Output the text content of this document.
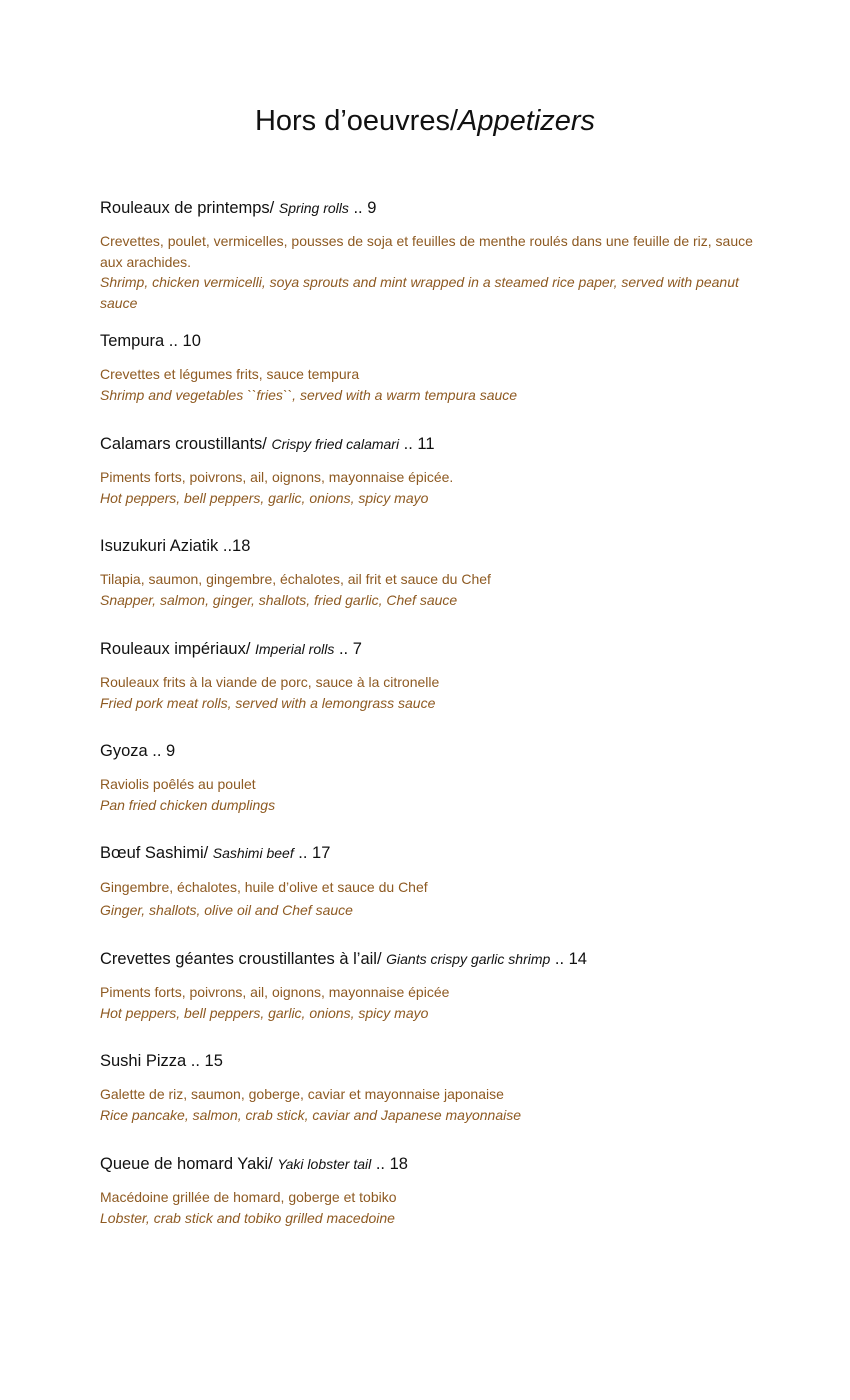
Hors d’oeuvres/Appetizers
Rouleaux de printemps/ Spring rolls .. 9
Crevettes, poulet, vermicelles, pousses de soja et feuilles de menthe roulés dans une feuille de riz, sauce aux arachides.
Shrimp, chicken vermicelli, soya sprouts and mint wrapped in a steamed rice paper, served with peanut sauce
Tempura .. 10
Crevettes et légumes frits, sauce tempura
Shrimp and vegetables ``fries``, served with a warm tempura sauce
Calamars croustillants/ Crispy fried calamari .. 11
Piments forts, poivrons, ail, oignons, mayonnaise épicée.
Hot peppers, bell peppers, garlic, onions, spicy mayo
Isuzukuri Aziatik ..18
Tilapia, saumon, gingembre, échalotes, ail frit et sauce du Chef
Snapper, salmon, ginger, shallots, fried garlic, Chef sauce
Rouleaux impériaux/ Imperial rolls .. 7
Rouleaux frits à la viande de porc, sauce à la citronelle
Fried pork meat rolls, served with a lemongrass sauce
Gyoza .. 9
Raviolis poêlés au poulet
Pan fried chicken dumplings
Bœuf Sashimi/ Sashimi beef .. 17
Gingembre, échalotes, huile d’olive et sauce du Chef
Ginger, shallots, olive oil and Chef sauce
Crevettes géantes croustillantes à l’ail/ Giants crispy garlic shrimp .. 14
Piments forts, poivrons, ail, oignons, mayonnaise épicée
Hot peppers, bell peppers, garlic, onions, spicy mayo
Sushi Pizza .. 15
Galette de riz, saumon, goberge, caviar et mayonnaise japonaise
Rice pancake, salmon, crab stick, caviar and Japanese mayonnaise
Queue de homard Yaki/ Yaki lobster tail .. 18
Macédoine grillée de homard, goberge et tobiko
Lobster, crab stick and tobiko grilled macedoine
